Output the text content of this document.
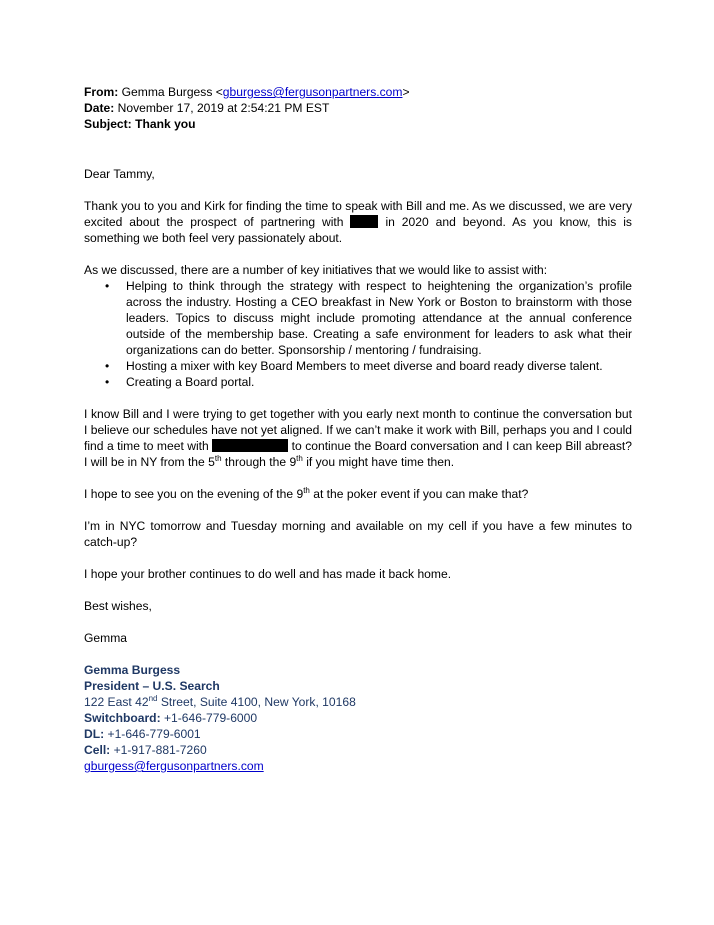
From: Gemma Burgess <gburgess@fergusonpartners.com>
Date: November 17, 2019 at 2:54:21 PM EST
Subject: Thank you

Dear Tammy,

Thank you to you and Kirk for finding the time to speak with Bill and me. As we discussed, we are very excited about the prospect of partnering with	in 2020 and beyond. As you know, this is something we both feel very passionately about.

As we discussed, there are a number of key initiatives that we would like to assist with:

• Helping to think through the strategy with respect to heightening the organization’s profile across the industry. Hosting a CEO breakfast in New York or Boston to brainstorm with those leaders. Topics to discuss might include promoting attendance at the annual conference outside of the membership base. Creating a safe environment for leaders to ask what their organizations can do better. Sponsorship / mentoring / fundraising.
• Hosting a mixer with key Board Members to meet diverse and board ready diverse talent.
• Creating a Board portal.

I know Bill and I were trying to get together with you early next month to continue the conversation but I believe our schedules have not yet aligned. If we can’t make it work with Bill, perhaps you and I could find a time to meet with	to continue the Board conversation and I can keep Bill abreast? I will be in NY from the 5th through the 9th if you might have time then.

I hope to see you on the evening of the 9th at the poker event if you can make that?

I’m in NYC tomorrow and Tuesday morning and available on my cell if you have a few minutes to catch-up?

I hope your brother continues to do well and has made it back home.

Best wishes,

Gemma

Gemma Burgess
President – U.S. Search
122 East 42nd Street, Suite 4100, New York, 10168
Switchboard: +1-646-779-6000
DL: +1-646-779-6001
Cell: +1-917-881-7260
gburgess@fergusonpartners.com
